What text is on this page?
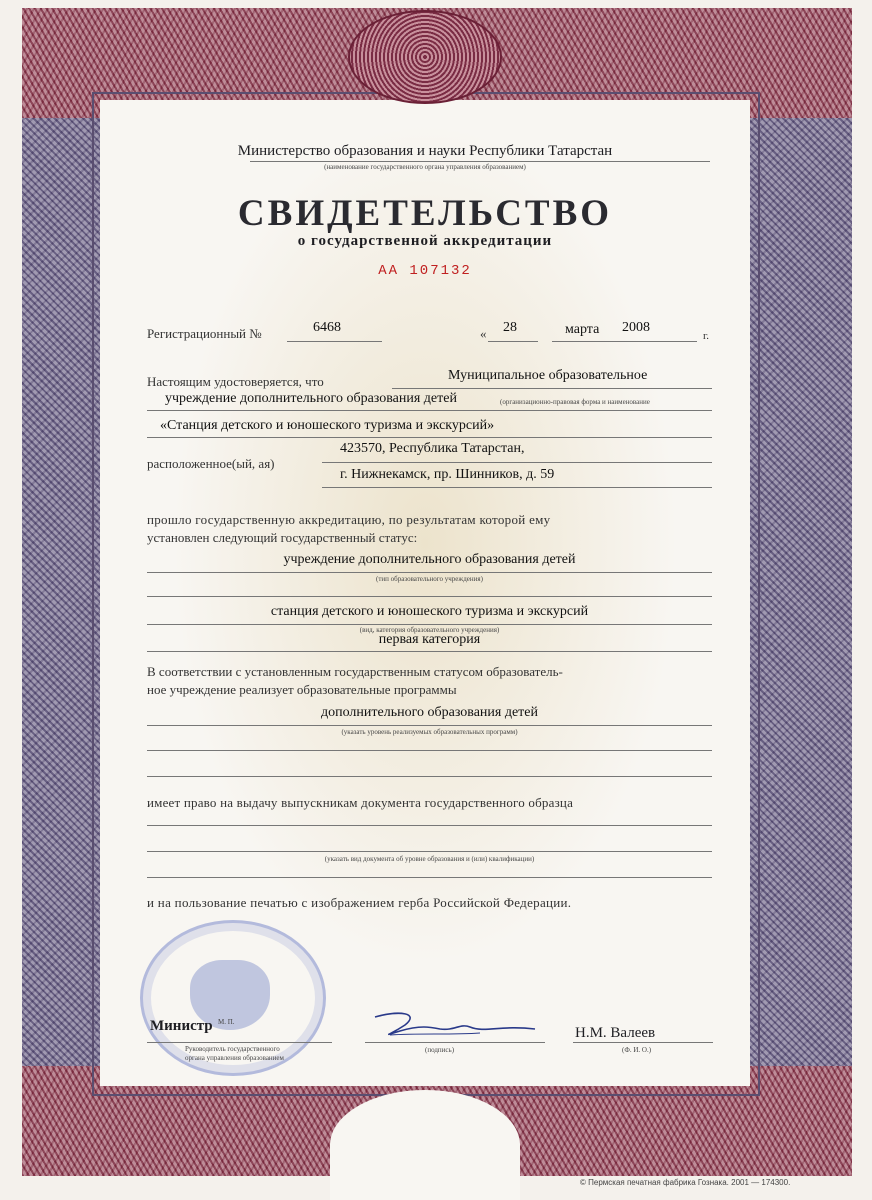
Министерство образования и науки Республики Татарстан
(наименование государственного органа управления образованием)
СВИДЕТЕЛЬСТВО
о государственной аккредитации
АА 107132
Регистрационный №	6468	« 28	марта 2008
г.
Настоящим удостоверяется, что	Муниципальное образовательное
учреждение дополнительного образования детей	(организационно-правовая форма и наименование
«Станция детского и юношеского туризма и экскурсий»
расположенное(ый, ая)
423570, Республика Татарстан,
г. Нижнекамск, пр. Шинников, д. 59
прошло государственную аккредитацию, по результатам которой ему
установлен следующий государственный статус:
учреждение дополнительного образования детей
(тип образовательного учреждения)
станция детского и юношеского туризма и экскурсий
(вид, категория образовательного учреждения)
первая категория
В соответствии с установленным государственным статусом образователь-
ное учреждение реализует образовательные программы
дополнительного образования детей
(указать уровень реализуемых образовательных программ)
имеет право на выдачу выпускникам документа государственного образца
(указать вид документа об уровне образования и (или) квалификации)
и на пользование печатью с изображением герба Российской Федерации.
Министр М. П.
Руководитель государственного
органа управления образованием
(подпись)
Н.М. Валеев
(Ф. И. О.)
© Пермская печатная фабрика Гознака. 2001 — 174300.
